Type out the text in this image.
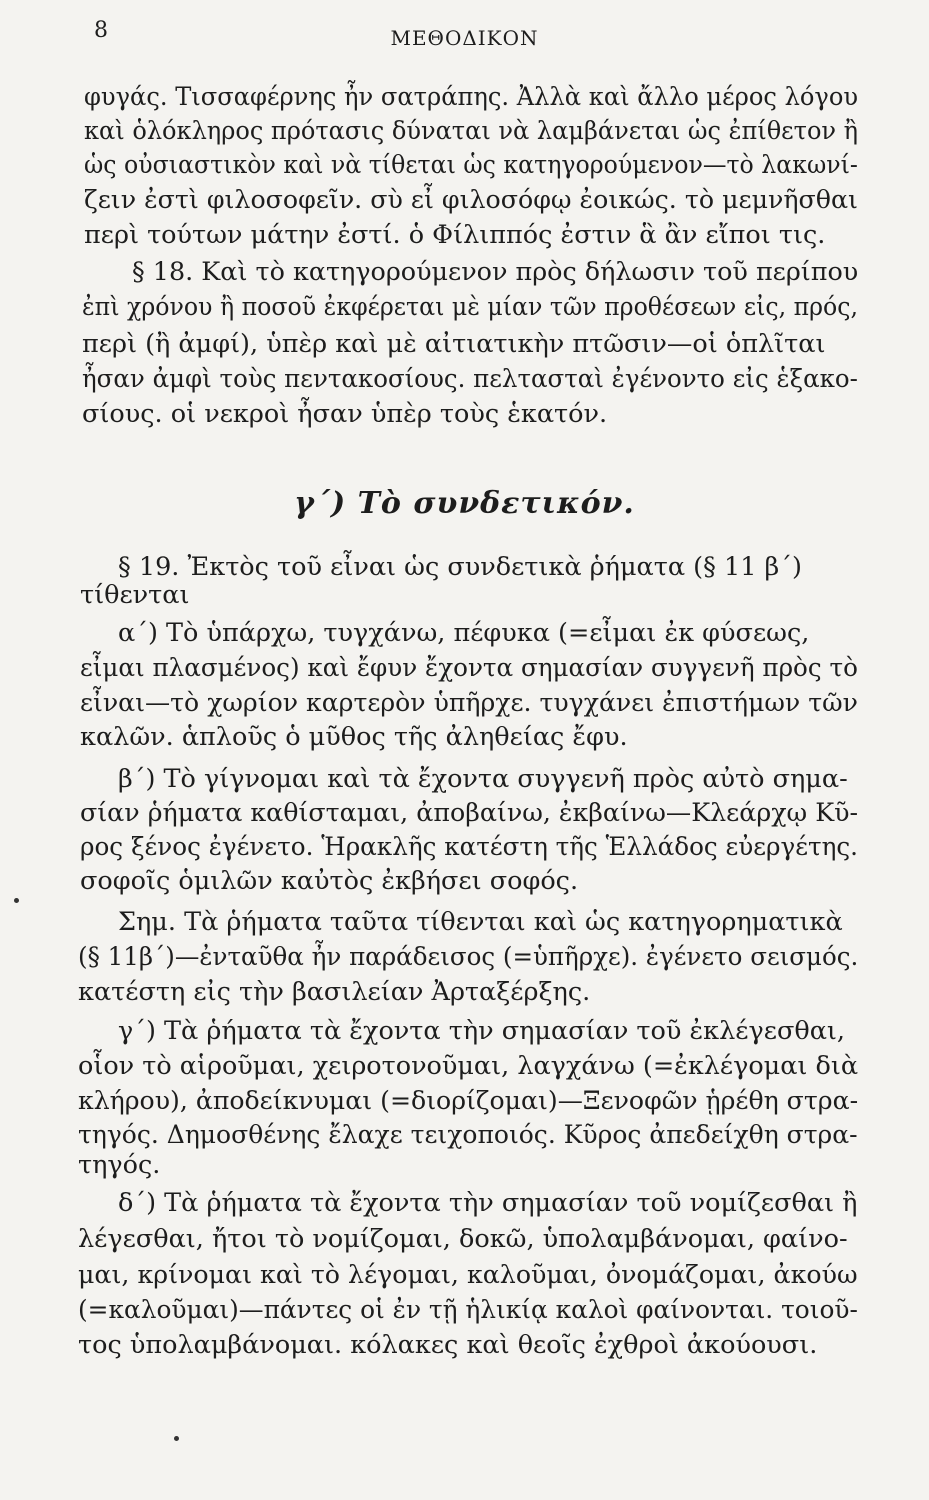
8	ΜΕΘΟΔΙΚΟΝ
φυγάς. Τισσαφέρνης ἦν σατράπης. Ἀλλὰ καὶ ἄλλο μέρος λόγου
καὶ ὁλόκληρος πρότασις δύναται νὰ λαμβάνεται ὡς ἐπίθετον ἢ
ὡς οὐσιαστικὸν καὶ νὰ τίθεται ὡς κατηγορούμενον—τὸ λακωνί-
ζειν ἐστὶ φιλοσοφεῖν. σὺ εἶ φιλοσόφῳ ἐοικώς. τὸ μεμνῆσθαι
περὶ τούτων μάτην ἐστί. ὁ Φίλιππός ἐστιν ἃ ἂν εἴποι τις.
§ 18. Καὶ τὸ κατηγορούμενον πρὸς δήλωσιν τοῦ περίπου
ἐπὶ χρόνου ἢ ποσοῦ ἐκφέρεται μὲ μίαν τῶν προθέσεων εἰς, πρός,
περὶ (ἢ ἀμφί), ὑπὲρ καὶ μὲ αἰτιατικὴν πτῶσιν—οἱ ὁπλῖται
ἦσαν ἀμφὶ τοὺς πεντακοσίους. πελτασταὶ ἐγένοντο εἰς ἑξακο-
σίους. οἱ νεκροὶ ἦσαν ὑπὲρ τοὺς ἑκατόν.
γ΄) Τὸ συνδετικόν.
§ 19. Ἐκτὸς τοῦ εἶναι ὡς συνδετικὰ ῥήματα (§ 11 β΄)
τίθενται
α΄) Τὸ ὑπάρχω, τυγχάνω, πέφυκα (=εἶμαι ἐκ φύσεως,
εἶμαι πλασμένος) καὶ ἔφυν ἔχοντα σημασίαν συγγενῆ πρὸς τὸ
εἶναι—τὸ χωρίον καρτερὸν ὑπῆρχε. τυγχάνει ἐπιστήμων τῶν
καλῶν. ἁπλοῦς ὁ μῦθος τῆς ἀληθείας ἔφυ.
β΄) Τὸ γίγνομαι καὶ τὰ ἔχοντα συγγενῆ πρὸς αὐτὸ σημα-
σίαν ῥήματα καθίσταμαι, ἀποβαίνω, ἐκβαίνω—Κλεάρχῳ Κῦ-
ρος ξένος ἐγένετο. Ἡρακλῆς κατέστη τῆς Ἑλλάδος εὐεργέτης.
σοφοῖς ὁμιλῶν καὐτὸς ἐκβήσει σοφός.
Σημ. Τὰ ῥήματα ταῦτα τίθενται καὶ ὡς κατηγορηματικὰ
(§ 11β΄)—ἐνταῦθα ἦν παράδεισος (=ὑπῆρχε). ἐγένετο σεισμός.
κατέστη εἰς τὴν βασιλείαν Ἀρταξέρξης.
γ΄) Τὰ ῥήματα τὰ ἔχοντα τὴν σημασίαν τοῦ ἐκλέγεσθαι,
οἷον τὸ αἱροῦμαι, χειροτονοῦμαι, λαγχάνω (=ἐκλέγομαι διὰ
κλήρου), ἀποδείκνυμαι (=διορίζομαι)—Ξενοφῶν ᾑρέθη στρα-
τηγός. Δημοσθένης ἔλαχε τειχοποιός. Κῦρος ἀπεδείχθη στρα-
τηγός.
δ΄) Τὰ ῥήματα τὰ ἔχοντα τὴν σημασίαν τοῦ νομίζεσθαι ἢ
λέγεσθαι, ἤτοι τὸ νομίζομαι, δοκῶ, ὑπολαμβάνομαι, φαίνο-
μαι, κρίνομαι καὶ τὸ λέγομαι, καλοῦμαι, ὀνομάζομαι, ἀκούω
(=καλοῦμαι)—πάντες οἱ ἐν τῇ ἡλικίᾳ καλοὶ φαίνονται. τοιοῦ-
τος ὑπολαμβάνομαι. κόλακες καὶ θεοῖς ἐχθροὶ ἀκούουσι.
